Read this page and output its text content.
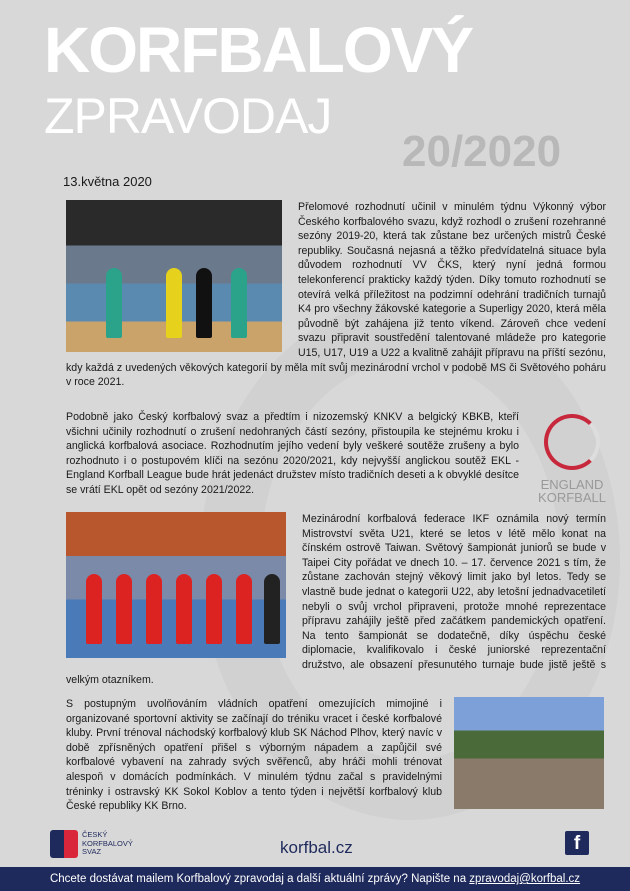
KORFBALOVÝ
ZPRAVODAJ
20/2020
13.května 2020

Přelomové rozhodnutí učinil v minulém týdnu Výkonný výbor Českého korfbalového svazu, když rozhodl o zrušení rozehranné sezóny 2019-20, která tak zůstane bez určených mistrů České republiky. Současná nejasná a těžko předvídatelná situace byla důvodem rozhodnutí VV ČKS, který nyní jedná formou telekonferencí prakticky každý týden. Díky tomuto rozhodnutí se otevírá velká příležitost na podzimní odehrání tradičních turnajů K4 pro všechny žákovské kategorie a Superligy 2020, která měla původně být zahájena již tento víkend. Zároveň chce vedení svazu připravit soustředění talentované mládeže pro kategorie U15, U17, U19 a U22 a kvalitně zahájit přípravu na příští sezónu, kdy každá z uvedených věkových kategorií by měla mít svůj mezinárodní vrchol v podobě MS či Světového poháru v roce 2021.

ENGLAND
KORFBALL

Podobně jako Český korfbalový svaz a předtím i nizozemský KNKV a belgický KBKB, kteří všichni učinily rozhodnutí o zrušení nedohraných částí sezóny, přistoupila ke stejnému kroku i anglická korfbalová asociace. Rozhodnutím jejího vedení byly veškeré soutěže zrušeny a bylo rozhodnuto i o postupovém klíči na sezónu 2020/2021, kdy nejvyšší anglickou soutěž EKL - England Korfball League bude hrát jedenáct družstev místo tradičních deseti a k obvyklé desítce se vrátí EKL opět od sezóny 2021/2022.

Mezinárodní korfbalová federace IKF oznámila nový termín Mistrovství světa U21, které se letos v létě mělo konat na čínském ostrově Taiwan. Světový šampionát juniorů se bude v Taipei City pořádat ve dnech 10. – 17. července 2021 s tím, že zůstane zachován stejný věkový limit jako byl letos. Tedy se vlastně bude jednat o kategorii U22, aby letošní jednadvacetiletí nebyli o svůj vrchol připraveni, protože mnohé reprezentace přípravu zahájily ještě před začátkem pandemických opatření. Na tento šampionát se dodatečně, díky úspěchu české diplomacie, kvalifikovalo i české juniorské reprezentační družstvo, ale obsazení přesunutého turnaje bude jistě ještě s velkým otazníkem.

S postupným uvolňováním vládních opatření omezujících mimojiné i organizované sportovní aktivity se začínají do tréniku vracet i české korfbalové kluby. První trénoval náchodský korfbalový klub SK Náchod Plhov, který navíc v době zpřísněných opatření přišel s výborným nápadem a zapůjčil své korfbalové vybavení na zahrady svých svěřenců, aby hráči mohli trénovat alespoň v domácích podmínkách. V minulém týdnu začal s pravidelnými tréninky i ostravský KK Sokol Koblov a tento týden i největší korfbalový klub České republiky KK Brno.

ČESKÝ
KORFBALOVÝ
SVAZ	korfbal.cz	f
Chcete dostávat mailem Korfbalový zpravodaj a další aktuální zprávy? Napište na zpravodaj@korfbal.cz
